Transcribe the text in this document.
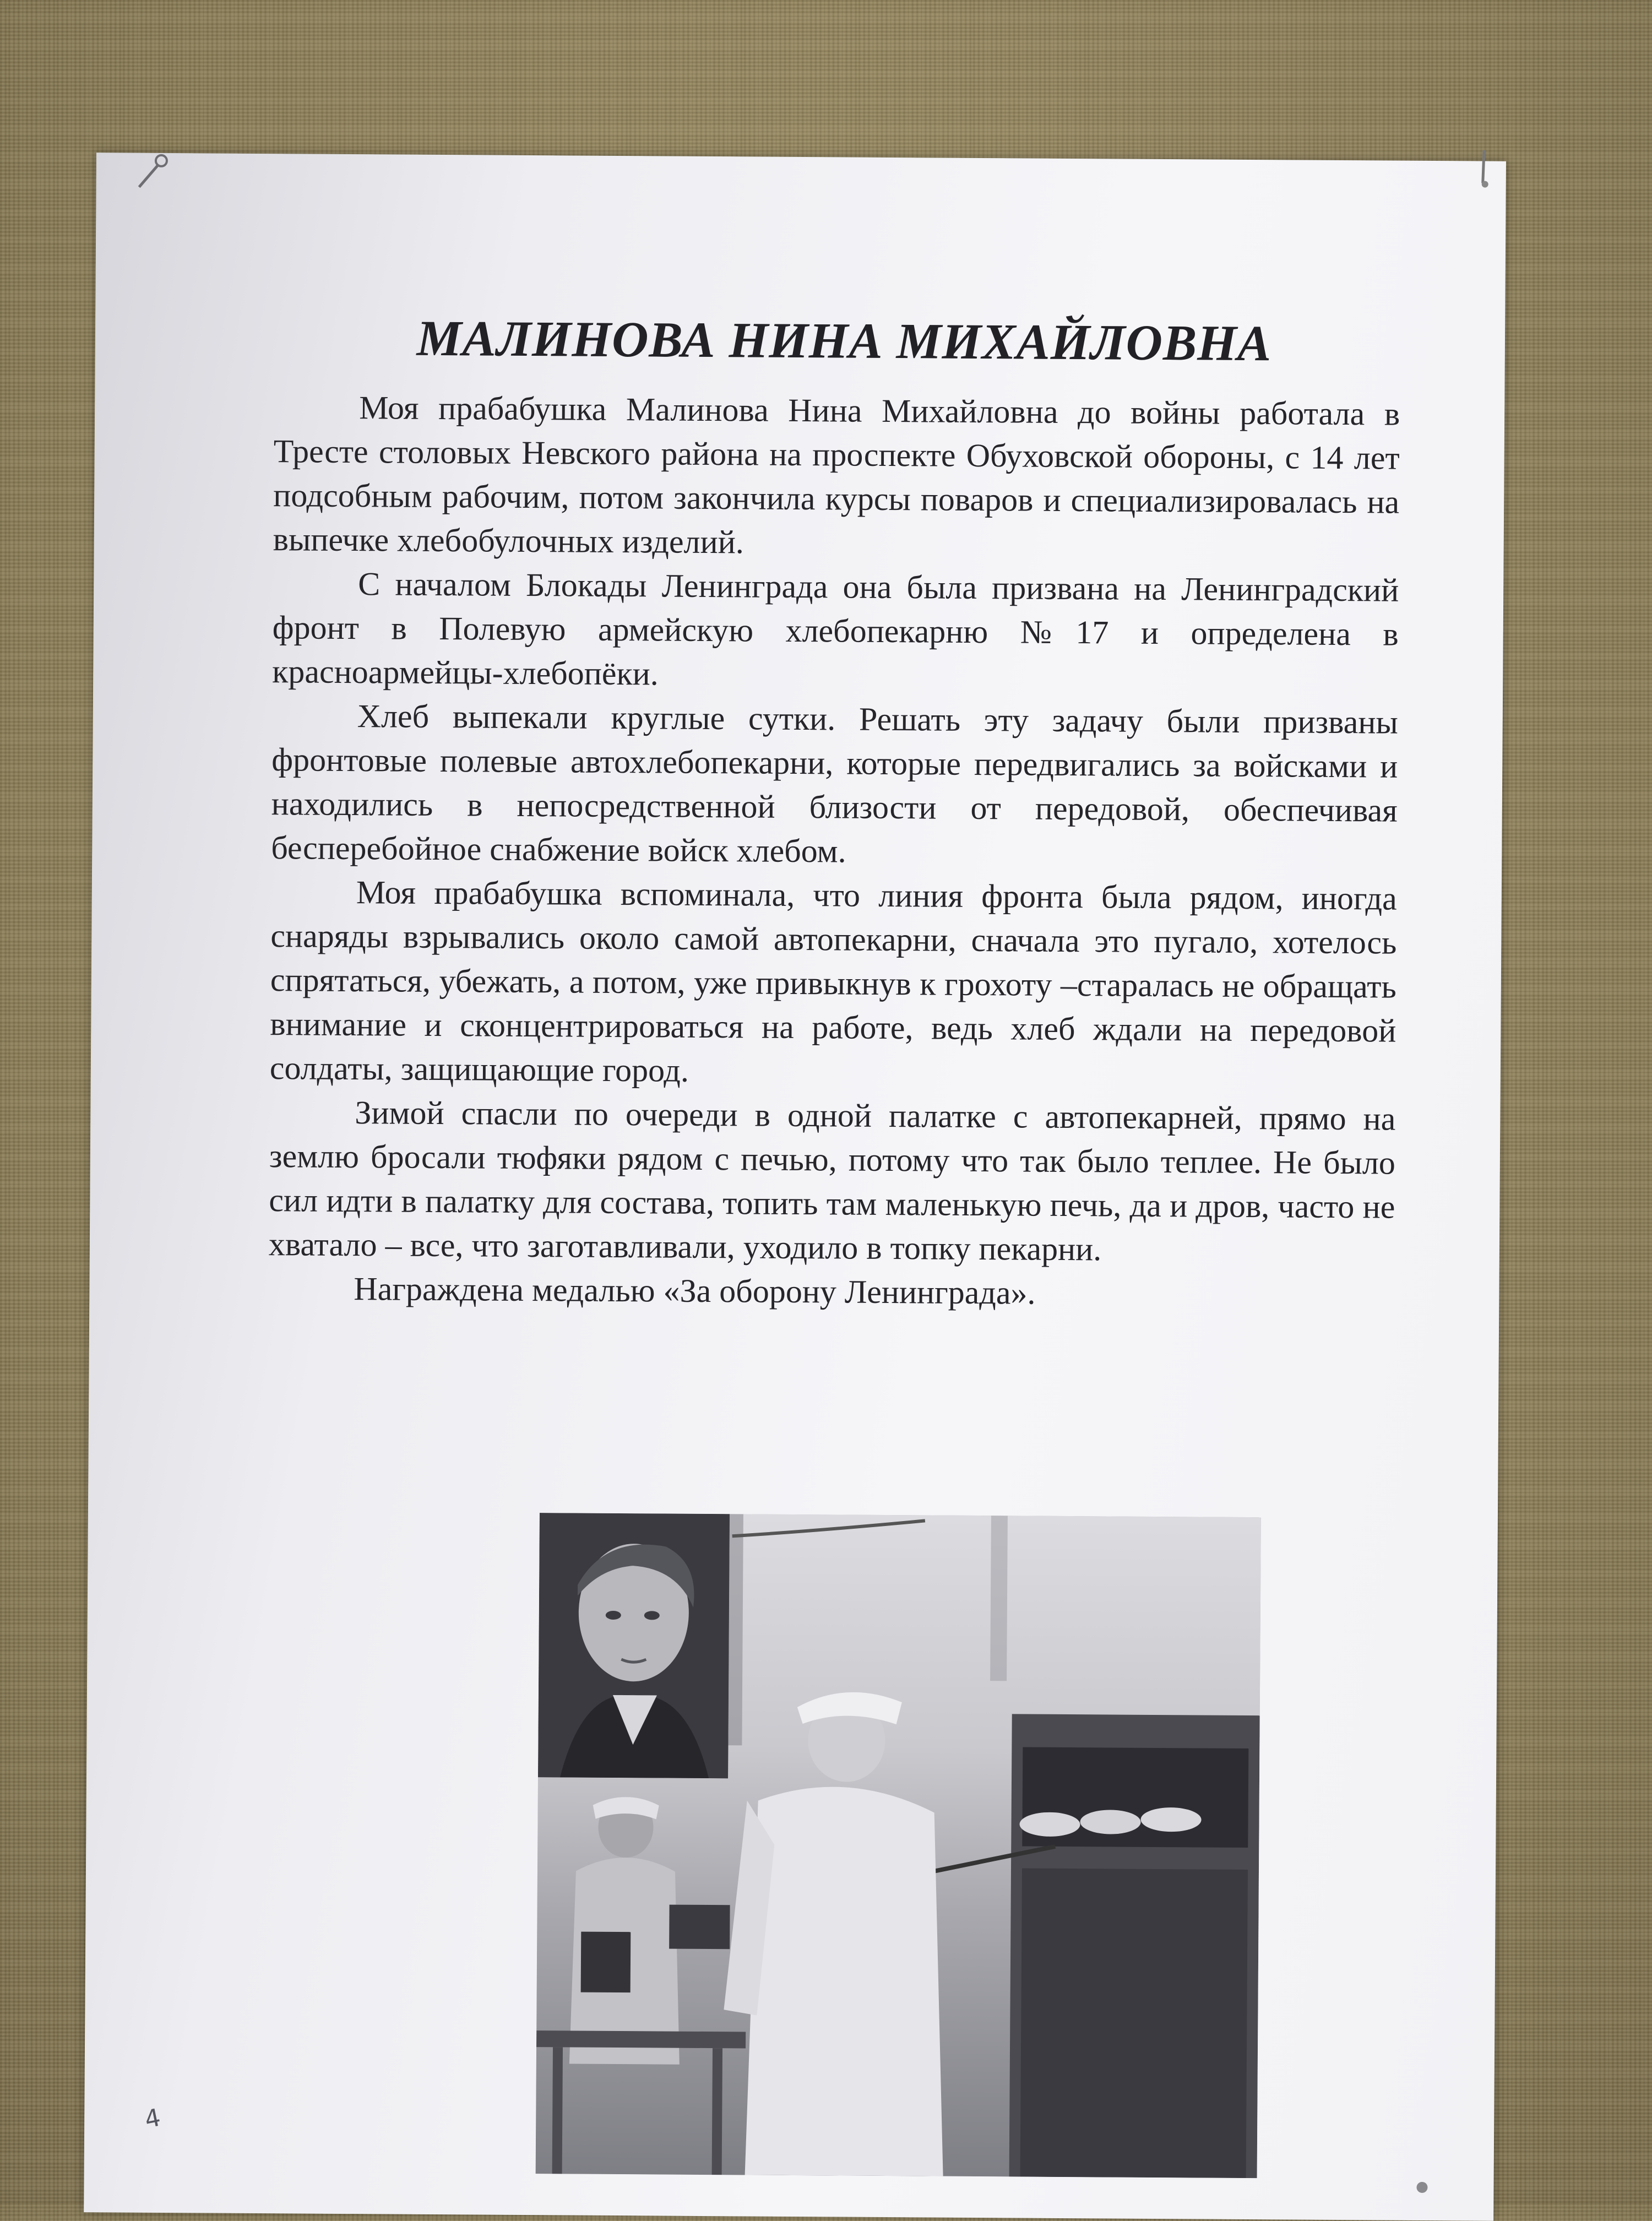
МАЛИНОВА НИНА МИХАЙЛОВНА

Моя прабабушка Малинова Нина Михайловна до войны работала в Тресте столовых Невского района на проспекте Обуховской обороны, с 14 лет подсобным рабочим, потом закончила курсы поваров и специализировалась на выпечке хлебобулочных изделий.

С началом Блокады Ленинграда она была призвана на Ленинградский фронт в Полевую армейскую хлебопекарню №17 и определена в красноармейцы-хлебопёки.

Хлеб выпекали круглые сутки. Решать эту задачу были призваны фронтовые полевые автохлебопекарни, которые передвигались за войсками и находились в непосредственной близости от передовой, обеспечивая бесперебойное снабжение войск хлебом.

Моя прабабушка вспоминала, что линия фронта была рядом, иногда снаряды взрывались около самой автопекарни, сначала это пугало, хотелось спрятаться, убежать, а потом, уже привыкнув к грохоту –старалась не обращать внимание и сконцентрироваться на работе, ведь хлеб ждали на передовой солдаты, защищающие город.

Зимой спасли по очереди в одной палатке с автопекарней, прямо на землю бросали тюфяки рядом с печью, потому что так было теплее. Не было сил идти в палатку для состава, топить там маленькую печь, да и дров, часто не хватало – все, что заготавливали, уходило в топку пекарни.

Награждена медалью «За оборону Ленинграда».

4
